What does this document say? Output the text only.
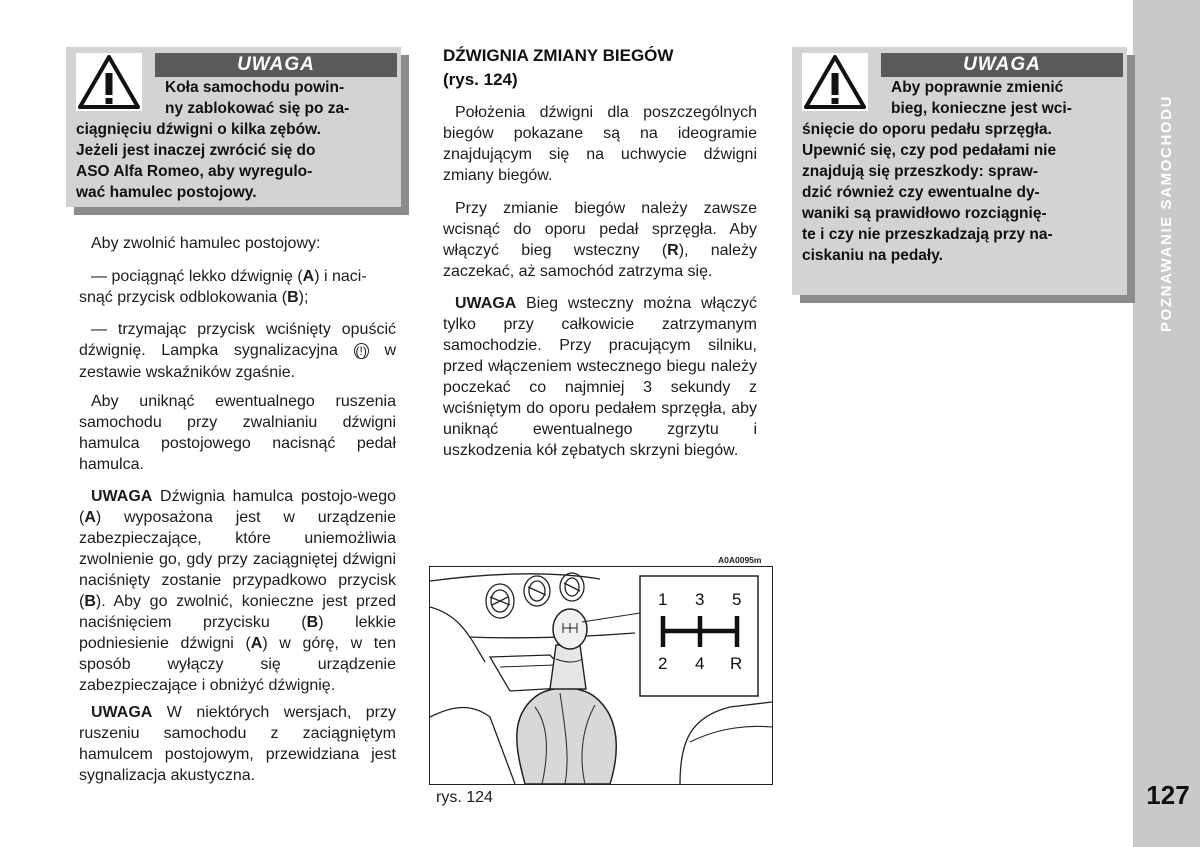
127
UWAGA
Koła samochodu powin-
ny zablokować się po za-
ciągnięciu dźwigni o kilka zębów.
Jeżeli jest inaczej zwrócić się do
ASO Alfa Romeo, aby wyregulo-
wać hamulec postojowy.
Aby zwolnić hamulec postojowy:
— pociągnąć lekko dźwignię (A) i naci-
snąć przycisk odblokowania (B);
— trzymając przycisk wciśnięty opuścić dźwignię. Lampka sygnalizacyjna (!) w zestawie wskaźników zgaśnie.
Aby uniknąć ewentualnego ruszenia samochodu przy zwalnianiu dźwigni hamulca postojowego nacisnąć pedał hamulca.
UWAGA Dźwignia hamulca postojo-wego (A) wyposażona jest w urządzenie zabezpieczające, które uniemożliwia zwolnienie go, gdy przy zaciągniętej dźwigni naciśnięty zostanie przypadkowo przycisk (B). Aby go zwolnić, konieczne jest przed naciśnięciem przycisku (B) lekkie podniesienie dźwigni (A) w górę, w ten sposób wyłączy się urządzenie zabezpieczające i obniżyć dźwignię.
UWAGA W niektórych wersjach, przy ruszeniu samochodu z zaciągniętym hamulcem postojowym, przewidziana jest sygnalizacja akustyczna.
DŹWIGNIA ZMIANY BIEGÓW
(rys. 124)
Położenia dźwigni dla poszczególnych biegów pokazane są na ideogramie znajdującym się na uchwycie dźwigni zmiany biegów.
Przy zmianie biegów należy zawsze wcisnąć do oporu pedał sprzęgła. Aby włączyć bieg wsteczny (R), należy zaczekać, aż samochód zatrzyma się.
UWAGA Bieg wsteczny można włączyć tylko przy całkowicie zatrzymanym samochodzie. Przy pracującym silniku, przed włączeniem wstecznego biegu należy poczekać co najmniej 3 sekundy z wciśniętym do oporu pedałem sprzęgła, aby uniknąć ewentualnego zgrzytu i uszkodzenia kół zębatych skrzyni biegów.
A0A0095m
1 3 5
2 4 R
rys. 124
UWAGA
Aby poprawnie zmienić
bieg, konieczne jest wci-
śnięcie do oporu pedału sprzęgła.
Upewnić się, czy pod pedałami nie
znajdują się przeszkody: spraw-
dzić również czy ewentualne dy-
waniki są prawidłowo rozciągnię-
te i czy nie przeszkadzają przy na-
ciskaniu na pedały.
